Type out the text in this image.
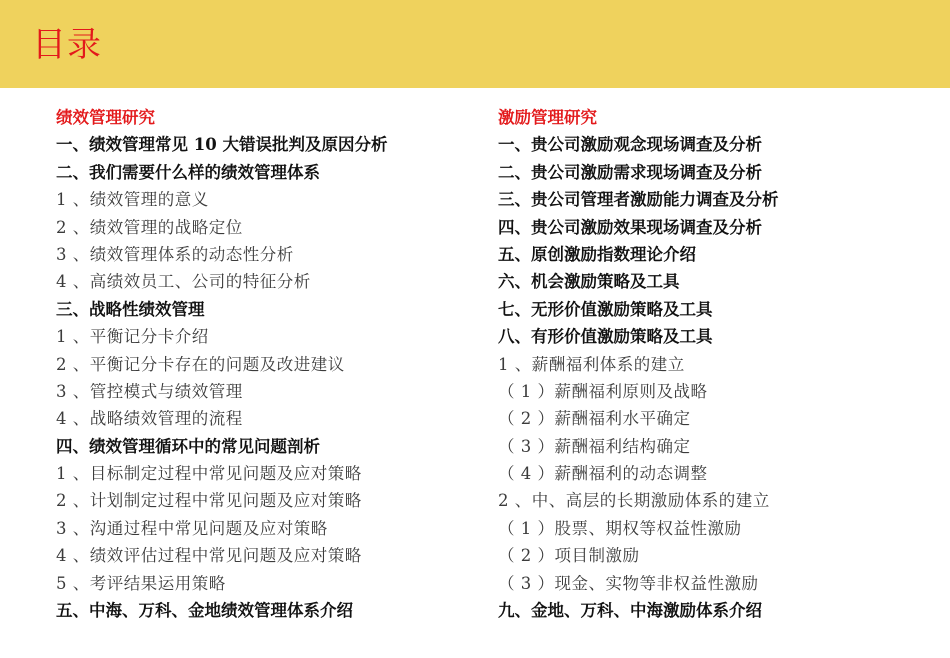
目录
绩效管理研究
一、绩效管理常见 10 大错误批判及原因分析
二、我们需要什么样的绩效管理体系
1 、绩效管理的意义
2 、绩效管理的战略定位
3 、绩效管理体系的动态性分析
4 、高绩效员工、公司的特征分析
三、战略性绩效管理
1 、平衡记分卡介绍
2 、平衡记分卡存在的问题及改进建议
3 、管控模式与绩效管理
4 、战略绩效管理的流程
四、绩效管理循环中的常见问题剖析
1 、目标制定过程中常见问题及应对策略
2 、计划制定过程中常见问题及应对策略
3 、沟通过程中常见问题及应对策略
4 、绩效评估过程中常见问题及应对策略
5 、考评结果运用策略
五、中海、万科、金地绩效管理体系介绍
激励管理研究
一、贵公司激励观念现场调查及分析
二、贵公司激励需求现场调查及分析
三、贵公司管理者激励能力调查及分析
四、贵公司激励效果现场调查及分析
五、原创激励指数理论介绍
六、机会激励策略及工具
七、无形价值激励策略及工具
八、有形价值激励策略及工具
1 、薪酬福利体系的建立
（ 1 ）薪酬福利原则及战略
（ 2 ）薪酬福利水平确定
（ 3 ）薪酬福利结构确定
（ 4 ）薪酬福利的动态调整
2 、中、高层的长期激励体系的建立
（ 1 ）股票、期权等权益性激励
（ 2 ）项目制激励
（ 3 ）现金、实物等非权益性激励
九、金地、万科、中海激励体系介绍
